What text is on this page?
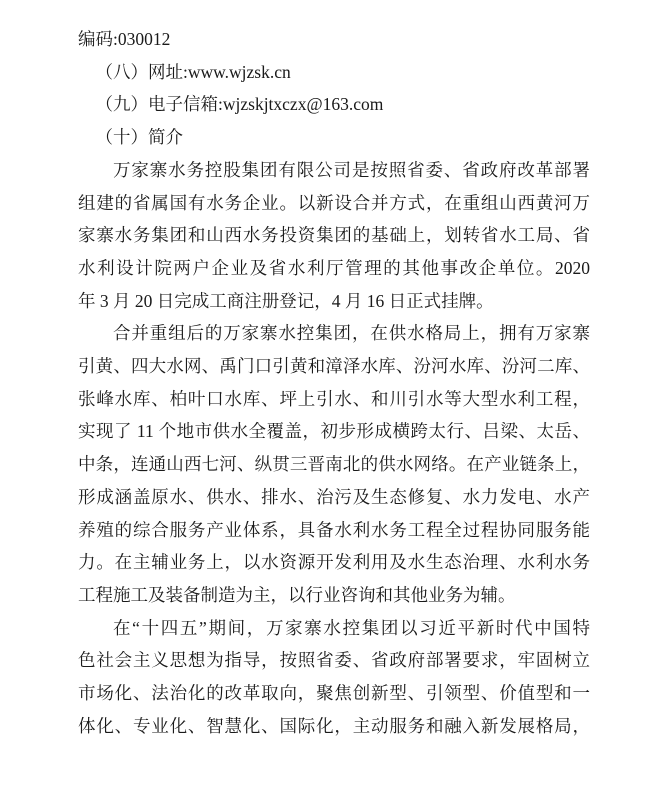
编码:030012
（八）网址:www.wjzsk.cn
（九）电子信箱:wjzskjtxczx@163.com
（十）简介
万家寨水务控股集团有限公司是按照省委、省政府改革部署
组建的省属国有水务企业。以新设合并方式，在重组山西黄河万
家寨水务集团和山西水务投资集团的基础上，划转省水工局、省
水利设计院两户企业及省水利厅管理的其他事改企单位。2020
年 3 月 20 日完成工商注册登记，4 月 16 日正式挂牌。
合并重组后的万家寨水控集团，在供水格局上，拥有万家寨
引黄、四大水网、禹门口引黄和漳泽水库、汾河水库、汾河二库、
张峰水库、柏叶口水库、坪上引水、和川引水等大型水利工程，
实现了 11 个地市供水全覆盖，初步形成横跨太行、吕梁、太岳、
中条，连通山西七河、纵贯三晋南北的供水网络。在产业链条上，
形成涵盖原水、供水、排水、治污及生态修复、水力发电、水产
养殖的综合服务产业体系，具备水利水务工程全过程协同服务能
力。在主辅业务上，以水资源开发利用及水生态治理、水利水务
工程施工及装备制造为主，以行业咨询和其他业务为辅。
在“十四五”期间，万家寨水控集团以习近平新时代中国特
色社会主义思想为指导，按照省委、省政府部署要求，牢固树立
市场化、法治化的改革取向，聚焦创新型、引领型、价值型和一
体化、专业化、智慧化、国际化，主动服务和融入新发展格局，
